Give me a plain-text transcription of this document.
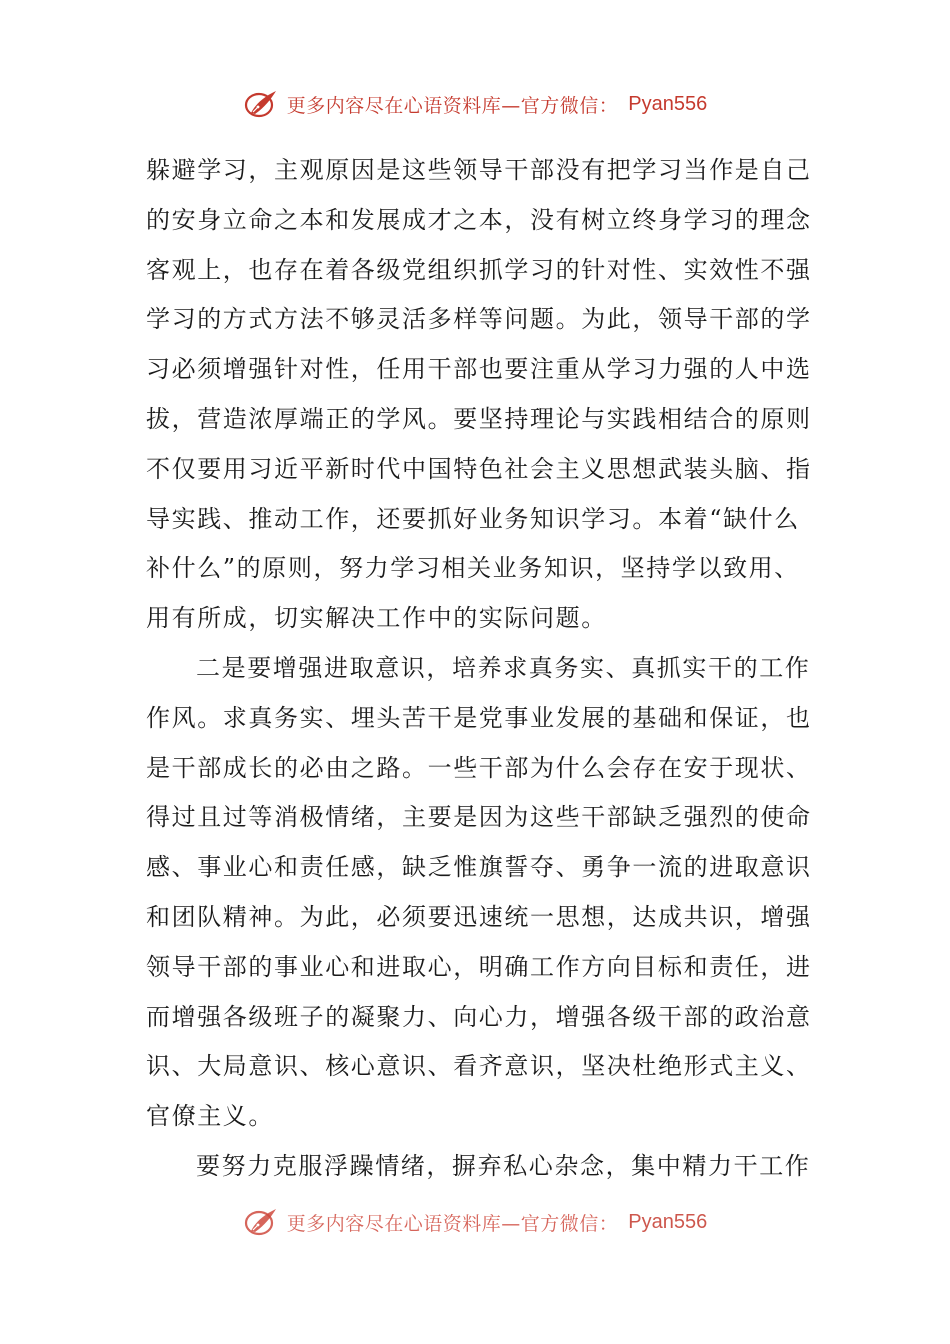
更多内容尽在心语资料库—官方微信： Pyan556
躲避学习，主观原因是这些领导干部没有把学习当作是自己
的安身立命之本和发展成才之本，没有树立终身学习的理念
客观上，也存在着各级党组织抓学习的针对性、实效性不强
学习的方式方法不够灵活多样等问题。为此，领导干部的学
习必须增强针对性，任用干部也要注重从学习力强的人中选
拔，营造浓厚端正的学风。要坚持理论与实践相结合的原则
不仅要用习近平新时代中国特色社会主义思想武装头脑、指
导实践、推动工作，还要抓好业务知识学习。本着“缺什么
补什么”的原则，努力学习相关业务知识，坚持学以致用、
用有所成，切实解决工作中的实际问题。
二是要增强进取意识，培养求真务实、真抓实干的工作
作风。求真务实、埋头苦干是党事业发展的基础和保证，也
是干部成长的必由之路。一些干部为什么会存在安于现状、
得过且过等消极情绪，主要是因为这些干部缺乏强烈的使命
感、事业心和责任感，缺乏惟旗誓夺、勇争一流的进取意识
和团队精神。为此，必须要迅速统一思想，达成共识，增强
领导干部的事业心和进取心，明确工作方向目标和责任，进
而增强各级班子的凝聚力、向心力，增强各级干部的政治意
识、大局意识、核心意识、看齐意识，坚决杜绝形式主义、
官僚主义。
要努力克服浮躁情绪，摒弃私心杂念，集中精力干工作
更多内容尽在心语资料库—官方微信： Pyan556
